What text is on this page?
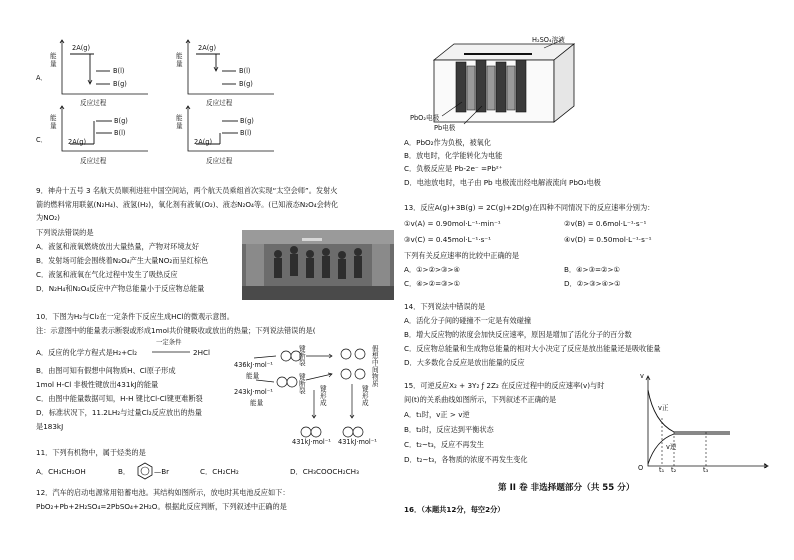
A．
能量
2A(g)
B(l)
B(g)
反应过程
能量
2A(g)
B(l)
B(g)
反应过程
C．
能量
B(g)
B(l)
2A(g)
反应过程
能量
B(g)
B(l)
2A(g)
反应过程
9．神舟十五号 3 名航天员顺利进驻中国空间站，两个航天员乘组首次实现“太空会师”。发射火
箭的燃料常用联氨(N₂H₄)、液氢(H₂)，氧化剂有液氧(O₂)、液态N₂O₄等。(已知液态N₂O₄会转化
为NO₂)
下列说法错误的是
A．液氢和液氧燃烧放出大量热量，产物对环境友好
B．发射场可能会围绕着N₂O₄产生大量NO₂而呈红棕色
C．液氢和液氧在气化过程中发生了吸热反应
D．N₂H₄和N₂O₄反应中产物总能量小于反应物总能量
10．下图为H₂与Cl₂在一定条件下反应生成HCl的微观示意图。
注：示意图中的能量表示断裂或形成1mol共价键吸收或放出的热量；下列说法错误的是(
A．反应的化学方程式是H₂+Cl₂
一定条件
2HCl
B．由图可知有假想中间物质H、Cl原子形成
1mol H-Cl 非极性键放出431kJ的能量
C．由图中能量数据可知，H-H 键比Cl-Cl键更难断裂
D．标准状况下，11.2LH₂与过量Cl₂反应放出的热量
是183kJ
436kJ·mol⁻¹
能量
243kJ·mol⁻¹
能量
键断裂
键断裂 键形成
键形成
假想中间物质
431kJ·mol⁻¹ 431kJ·mol⁻¹
11．下列有机物中，属于烃类的是
A．CH₃CH₂OH	B．	—Br	C．CH₂CH₂	D．CH₃COOCH₂CH₃
12．汽车的启动电源常用铅蓄电池。其结构如图所示，放电时其电池反应如下：
PbO₂+Pb+2H₂SO₄=2PbSO₄+2H₂O。根据此反应判断，下列叙述中正确的是
H₂SO₄溶液
PbO₂电极
Pb电极
A．PbO₂作为负极，被氧化
B．放电时，化学能转化为电能
C．负极反应是 Pb-2e⁻ =Pb²⁺
D．电池放电时，电子由 Pb 电极流出经电解液流向 PbO₂电极
13．反应A(g)+3B(g) = 2C(g)+2D(g)在四种不同情况下的反应速率分别为：
①v(A) = 0.90mol·L⁻¹·min⁻¹	②v(B) = 0.6mol·L⁻¹·s⁻¹
③v(C) = 0.45mol·L⁻¹·s⁻¹	④v(D) = 0.50mol·L⁻¹·s⁻¹
下列有关反应速率的比较中正确的是
A．①>②>③>④	B．④>③=②>①
C．④>②=③>①	D．②>③>④>①
14．下列说法中错误的是
A．活化分子间的碰撞不一定是有效碰撞
B．增大反应物的浓度会加快反应速率，原因是增加了活化分子的百分数
C．反应物总能量和生成物总能量的相对大小决定了反应是放出能量还是吸收能量
D．大多数化合反应是放出能量的反应
15．可逆反应X₂ + 3Y₂ ƒ 2Z₂ 在反应过程中的反应速率(v)与时
间(t)的关系曲线如图所示，下列叙述不正确的是
A．t₁时，v正 > v逆
B．t₂时，反应达到平衡状态
C．t₂~t₃，反应不再发生
D．t₂~t₃，各物质的浓度不再发生变化
v
t
O
v正
v逆
t₁ t₂	t₃
第 II 卷 非选择题部分（共 55 分）
16．（本题共12分，每空2分）
